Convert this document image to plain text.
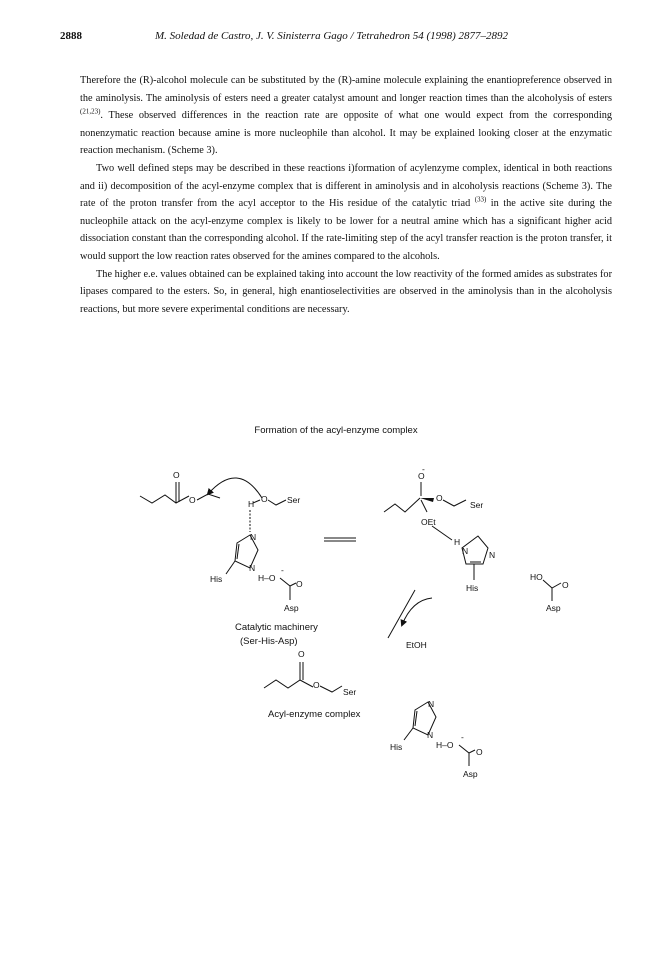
2888	M. Soledad de Castro, J. V. Sinisterra Gago / Tetrahedron 54 (1998) 2877–2892

Therefore the (R)-alcohol molecule can be substituted by the (R)-amine molecule explaining the enantiopreference observed in the aminolysis. The aminolysis of esters need a greater catalyst amount and longer reaction times than the alcoholysis of esters $^{(21,23)}$. These observed differences in the reaction rate are opposite of what one would expect from the corresponding nonenzymatic reaction because amine is more nucleophile than alcohol. It may be explained looking closer at the enzymatic reaction mechanism. (Scheme 3).

Two well defined steps may be described in these reactions i)formation of acylenzyme complex, identical in both reactions and ii) decomposition of the acyl-enzyme complex that is different in aminolysis and in alcoholysis reactions (Scheme 3). The rate of the proton transfer from the acyl acceptor to the His residue of the catalytic triad $^{(33)}$ in the active site during the nucleophile attack on the acyl-enzyme complex is likely to be lower for a neutral amine which has a significant higher acid dissociation constant than the corresponding alcohol. If the rate-limiting step of the acyl transfer reaction is the proton transfer, it would support the low reaction rates observed for the amines compared to the alcohols.

The higher e.e. values obtained can be explained taking into account the low reactivity of the formed amides as substrates for lipases compared to the esters. So, in general, high enantioselectivities are observed in the aminolysis than in the alcoholysis reactions, but more severe experimental conditions are necessary.

Formation of the acyl-enzyme complex
O
O	H O Ser
N
N
His	H–O
-
O
Asp
Catalytic machinery
(Ser-His-Asp)
O
-
O
Ser
OEt
H
N N
His
HO
O
Asp
EtOH
O
O
Ser
Acyl-enzyme complex
N
N
His	H–O
-
O
Asp
